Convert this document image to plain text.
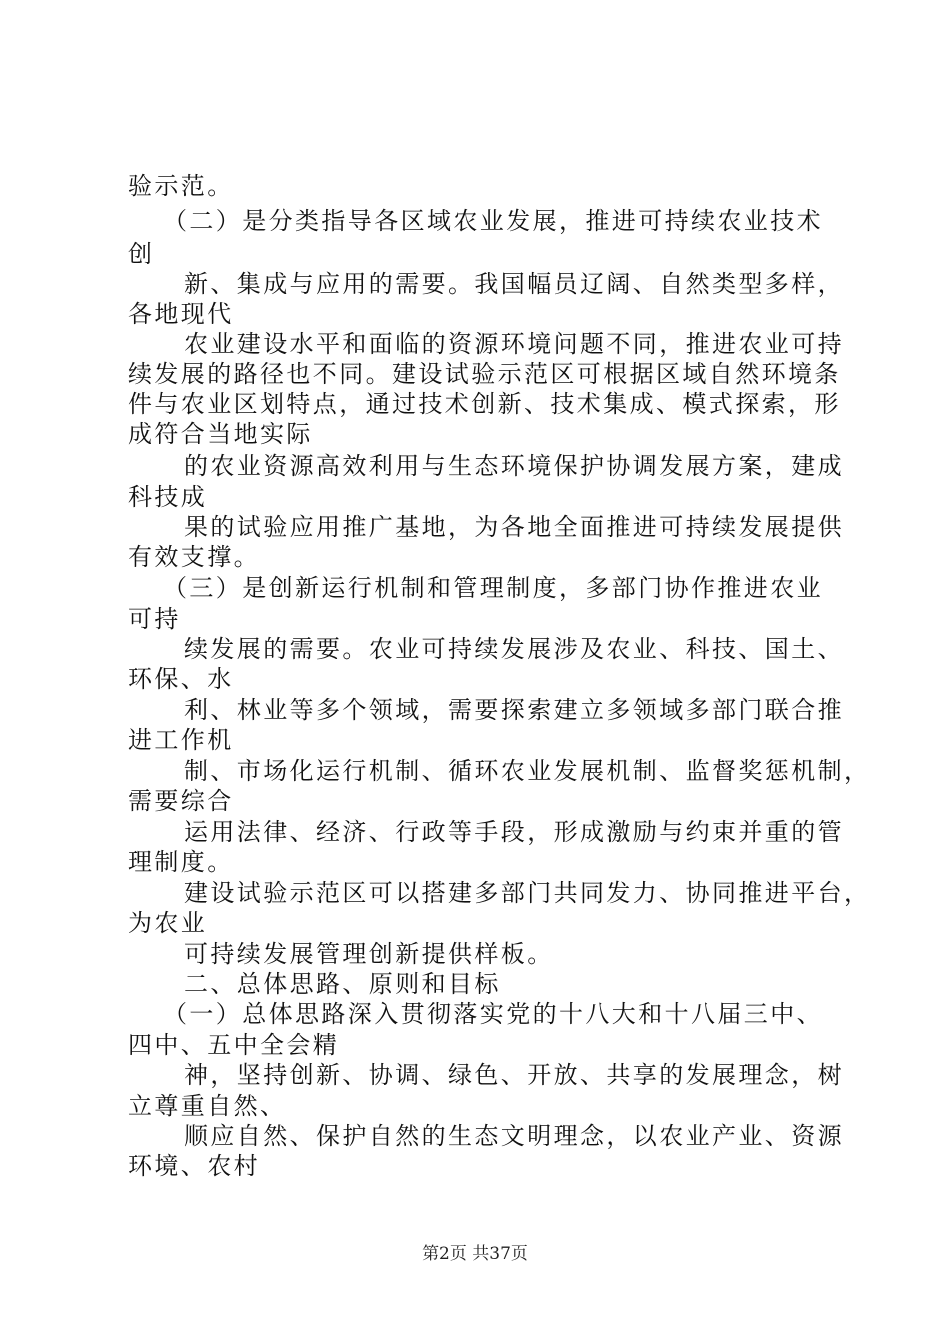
验示范。
（二）是分类指导各区域农业发展，推进可持续农业技术
创
新、集成与应用的需要。我国幅员辽阔、自然类型多样，
各地现代
农业建设水平和面临的资源环境问题不同，推进农业可持
续发展的路径也不同。建设试验示范区可根据区域自然环境条
件与农业区划特点，通过技术创新、技术集成、模式探索，形
成符合当地实际
的农业资源高效利用与生态环境保护协调发展方案，建成
科技成
果的试验应用推广基地，为各地全面推进可持续发展提供
有效支撑。
（三）是创新运行机制和管理制度，多部门协作推进农业
可持
续发展的需要。农业可持续发展涉及农业、科技、国土、
环保、水
利、林业等多个领域，需要探索建立多领域多部门联合推
进工作机
制、市场化运行机制、循环农业发展机制、监督奖惩机制，
需要综合
运用法律、经济、行政等手段，形成激励与约束并重的管
理制度。
建设试验示范区可以搭建多部门共同发力、协同推进平台，
为农业
可持续发展管理创新提供样板。
二、总体思路、原则和目标
（一）总体思路深入贯彻落实党的十八大和十八届三中、
四中、五中全会精
神，坚持创新、协调、绿色、开放、共享的发展理念，树
立尊重自然、
顺应自然、保护自然的生态文明理念，以农业产业、资源
环境、农村
第2页 共37页
